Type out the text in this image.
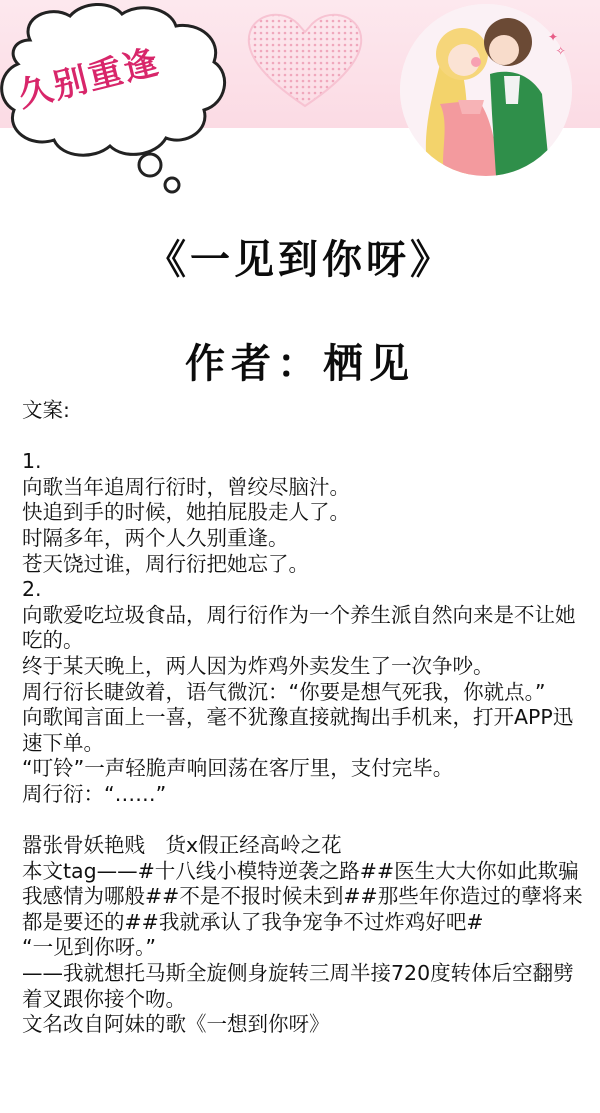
久别重逢
✦
✧
《一见到你呀》
作者：栖见

文案:

1.

向歌当年追周行衍时，曾绞尽脑汁。

快追到手的时候，她拍屁股走人了。

时隔多年，两个人久别重逢。

苍天饶过谁，周行衍把她忘了。

2.

向歌爱吃垃圾食品，周行衍作为一个养生派自然向来是不让她吃的。

终于某天晚上，两人因为炸鸡外卖发生了一次争吵。

周行衍长睫敛着，语气微沉：“你要是想气死我，你就点。”

向歌闻言面上一喜，毫不犹豫直接就掏出手机来，打开APP迅速下单。

“叮铃”一声轻脆声响回荡在客厅里，支付完毕。

周行衍：“……”

嚣张骨妖艳贱　货x假正经高岭之花

本文tag——#十八线小模特逆袭之路##医生大大你如此欺骗我感情为哪般##不是不报时候未到##那些年你造过的孽将来都是要还的##我就承认了我争宠争不过炸鸡好吧#

“一见到你呀。”

——我就想托马斯全旋侧身旋转三周半接720度转体后空翻劈着叉跟你接个吻。

文名改自阿妹的歌《一想到你呀》
